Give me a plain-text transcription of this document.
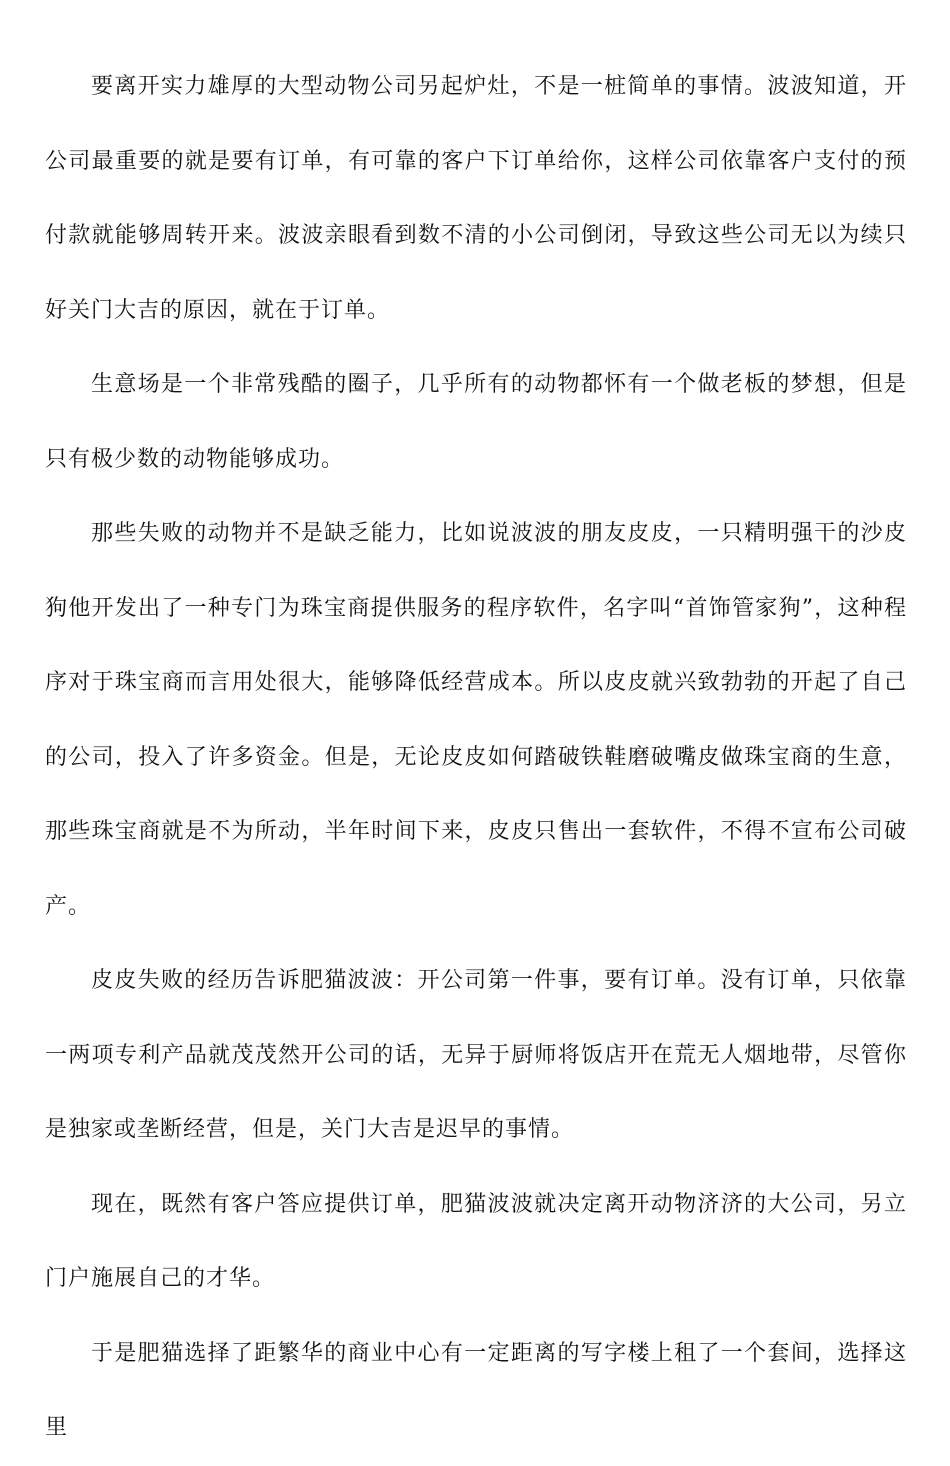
要离开实力雄厚的大型动物公司另起炉灶，不是一桩简单的事情。波波知道，开公司最重要的就是要有订单，有可靠的客户下订单给你，这样公司依靠客户支付的预付款就能够周转开来。波波亲眼看到数不清的小公司倒闭，导致这些公司无以为续只好关门大吉的原因，就在于订单。

生意场是一个非常残酷的圈子，几乎所有的动物都怀有一个做老板的梦想，但是只有极少数的动物能够成功。

那些失败的动物并不是缺乏能力，比如说波波的朋友皮皮，一只精明强干的沙皮狗他开发出了一种专门为珠宝商提供服务的程序软件，名字叫“首饰管家狗”，这种程序对于珠宝商而言用处很大，能够降低经营成本。所以皮皮就兴致勃勃的开起了自己的公司，投入了许多资金。但是，无论皮皮如何踏破铁鞋磨破嘴皮做珠宝商的生意，那些珠宝商就是不为所动，半年时间下来，皮皮只售出一套软件，不得不宣布公司破产。

皮皮失败的经历告诉肥猫波波：开公司第一件事，要有订单。没有订单，只依靠一两项专利产品就茂茂然开公司的话，无异于厨师将饭店开在荒无人烟地带，尽管你是独家或垄断经营，但是，关门大吉是迟早的事情。

现在，既然有客户答应提供订单，肥猫波波就决定离开动物济济的大公司，另立门户施展自己的才华。

于是肥猫选择了距繁华的商业中心有一定距离的写字楼上租了一个套间，选择这里
